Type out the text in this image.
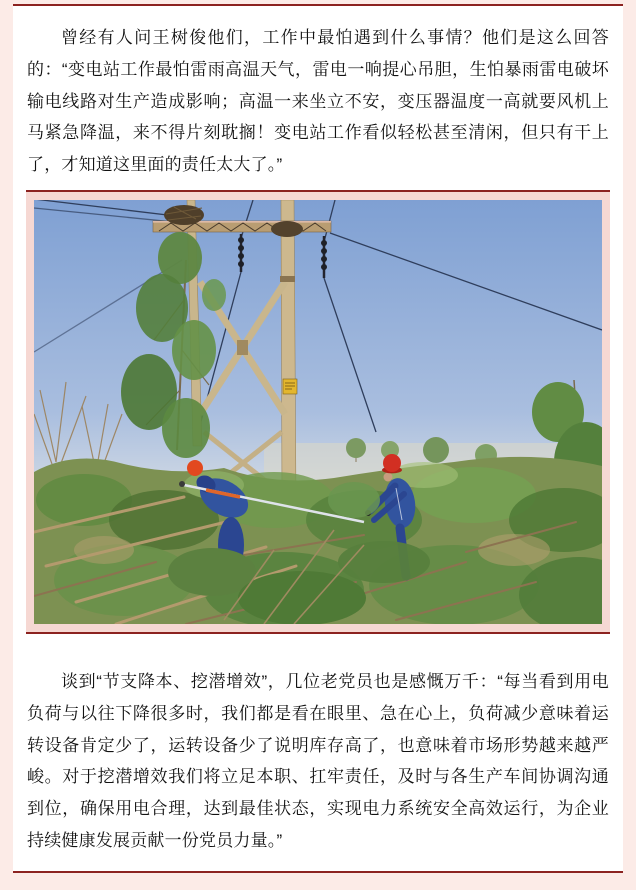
曾经有人问王树俊他们，工作中最怕遇到什么事情？他们是这么回答的：“变电站工作最怕雷雨高温天气，雷电一响提心吊胆，生怕暴雨雷电破坏输电线路对生产造成影响；高温一来坐立不安，变压器温度一高就要风机上马紧急降温，来不得片刻耽搁！变电站工作看似轻松甚至清闲，但只有干上了，才知道这里面的责任太大了。”

谈到“节支降本、挖潜增效”，几位老党员也是感慨万千：“每当看到用电负荷与以往下降很多时，我们都是看在眼里、急在心上，负荷减少意味着运转设备肯定少了，运转设备少了说明库存高了，也意味着市场形势越来越严峻。对于挖潜增效我们将立足本职、扛牢责任，及时与各生产车间协调沟通到位，确保用电合理，达到最佳状态，实现电力系统安全高效运行，为企业持续健康发展贡献一份党员力量。”
